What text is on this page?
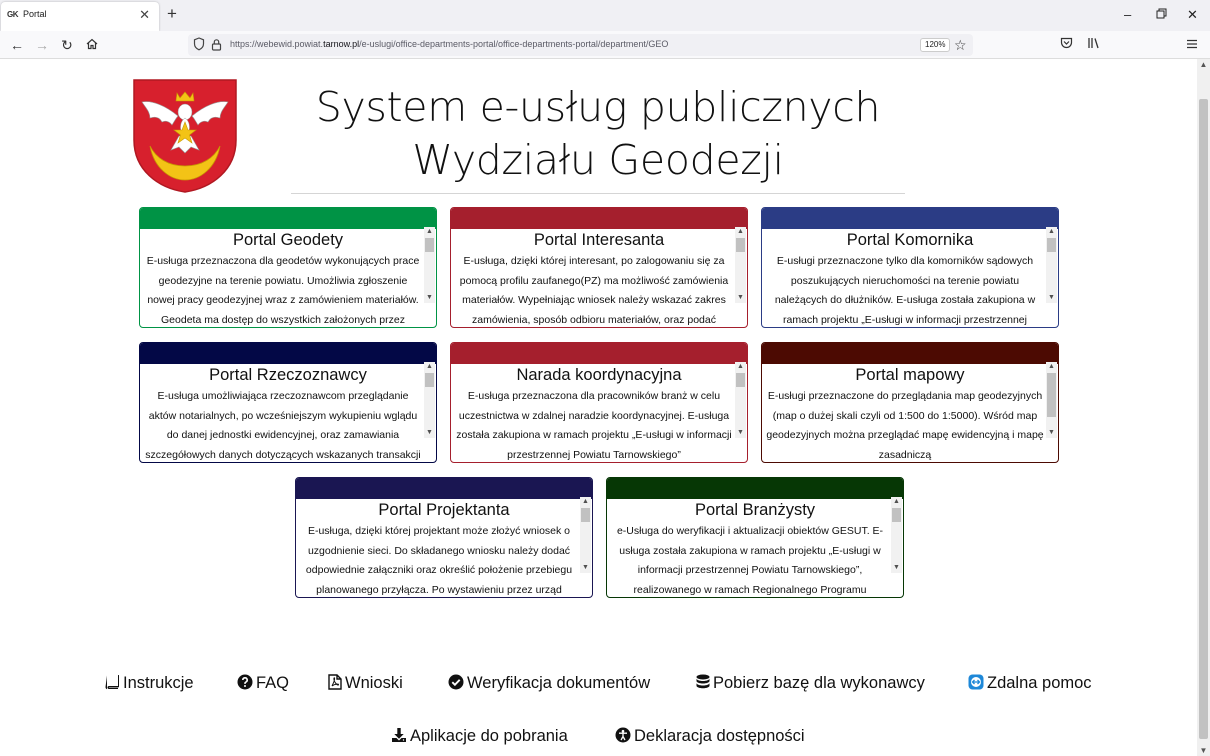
GK Portal	✕ +	–	✕
← → ↻	https://webewid.powiat.tarnow.pl/e-uslugi/office-departments-portal/office-departments-portal/department/GEO	120% ☆
▲
▼
System e-usług publicznych
Wydziału Geodezji
Portal Geodety
E-usługa przeznaczona dla geodetów wykonujących prace geodezyjne na terenie powiatu. Umożliwia zgłoszenie nowej pracy geodezyjnej wraz z zamówieniem materiałów. Geodeta ma dostęp do wszystkich założonych przez
▲
▼
Portal Interesanta
E-usługa, dzięki której interesant, po zalogowaniu się za pomocą profilu zaufanego(PZ) ma możliwość zamówienia materiałów. Wypełniając wniosek należy wskazać zakres zamówienia, sposób odbioru materiałów, oraz podać
▲
▼
Portal Komornika
E-usługi przeznaczone tylko dla komorników sądowych poszukujących nieruchomości na terenie powiatu należących do dłużników. E-usługa została zakupiona w ramach projektu „E-usługi w informacji przestrzennej
▲
▼
Portal Rzeczoznawcy
E-usługa umożliwiająca rzeczoznawcom przeglądanie aktów notarialnych, po wcześniejszym wykupieniu wglądu do danej jednostki ewidencyjnej, oraz zamawiania szczegółowych danych dotyczących wskazanych transakcji
▲
▼
Narada koordynacyjna
E-usługa przeznaczona dla pracowników branż w celu uczestnictwa w zdalnej naradzie koordynacyjnej. E-usługa została zakupiona w ramach projektu „E-usługi w informacji przestrzennej Powiatu Tarnowskiego”
▲
▼
Portal mapowy
E-usługi przeznaczone do przeglądania map geodezyjnych (map o dużej skali czyli od 1:500 do 1:5000). Wśród map geodezyjnych można przeglądać mapę ewidencyjną i mapę zasadniczą
▲
▼
Portal Projektanta
E-usługa, dzięki której projektant może złożyć wniosek o uzgodnienie sieci. Do składanego wniosku należy dodać odpowiednie załączniki oraz określić położenie przebiegu planowanego przyłącza. Po wystawieniu przez urząd
▲
▼
Portal Branżysty
e-Usługa do weryfikacji i aktualizacji obiektów GESUT. E-usługa została zakupiona w ramach projektu „E-usługi w informacji przestrzennej Powiatu Tarnowskiego”, realizowanego w ramach Regionalnego Programu
▲
▼
Instrukcje	FAQ	Wnioski	Weryfikacja dokumentów	Pobierz bazę dla wykonawcy	Zdalna pomoc
Aplikacje do pobrania	Deklaracja dostępności
